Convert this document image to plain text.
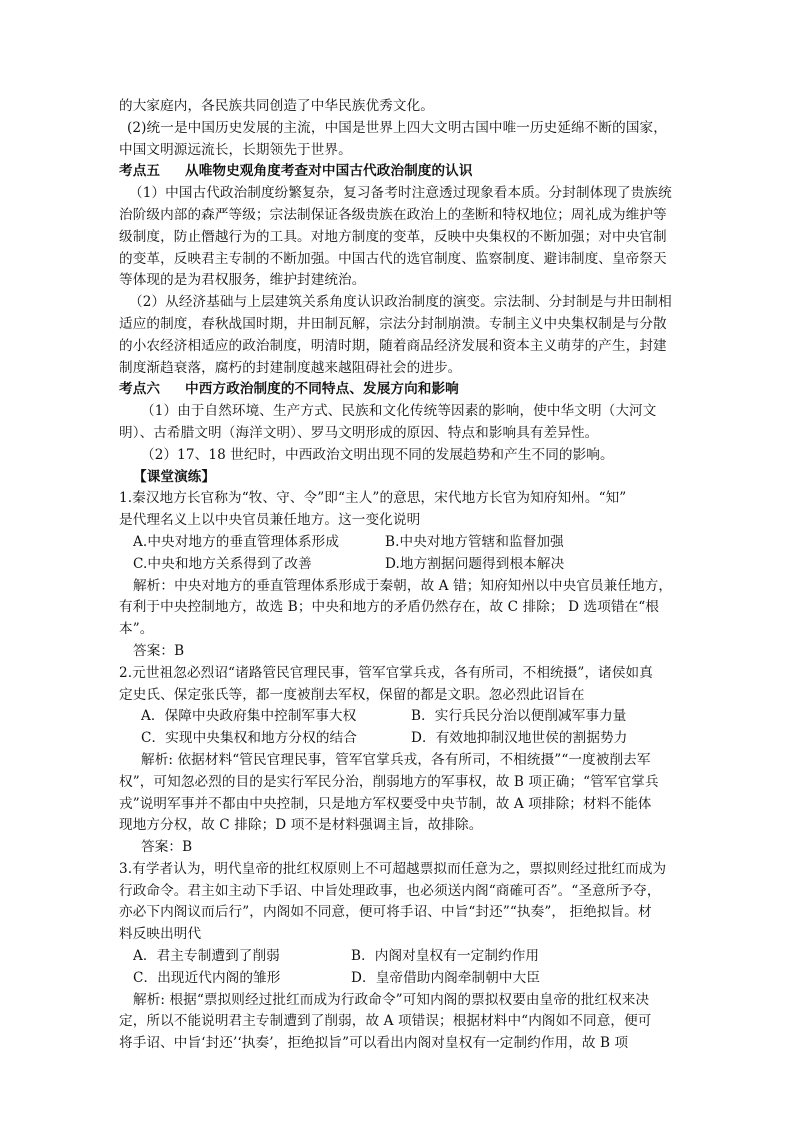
的大家庭内，各民族共同创造了中华民族优秀文化。
(2)统一是中国历史发展的主流，中国是世界上四大文明古国中唯一历史延绵不断的国家，
中国文明源远流长，长期领先于世界。
考点五 从唯物史观角度考查对中国古代政治制度的认识
（1）中国古代政治制度纷繁复杂，复习备考时注意透过现象看本质。分封制体现了贵族统
治阶级内部的森严等级；宗法制保证各级贵族在政治上的垄断和特权地位；周礼成为维护等
级制度，防止僭越行为的工具。对地方制度的变革，反映中央集权的不断加强；对中央官制
的变革，反映君主专制的不断加强。中国古代的选官制度、监察制度、避讳制度、皇帝祭天
等体现的是为君权服务，维护封建统治。
（2）从经济基础与上层建筑关系角度认识政治制度的演变。宗法制、分封制是与井田制相
适应的制度，春秋战国时期，井田制瓦解，宗法分封制崩溃。专制主义中央集权制是与分散
的小农经济相适应的政治制度，明清时期，随着商品经济发展和资本主义萌芽的产生，封建
制度渐趋衰落，腐朽的封建制度越来越阻碍社会的进步。
考点六 中西方政治制度的不同特点、发展方向和影响
（1）由于自然环境、生产方式、民族和文化传统等因素的影响，使中华文明（大河文
明）、古希腊文明（海洋文明）、罗马文明形成的原因、特点和影响具有差异性。
（2）17、18 世纪时，中西政治文明出现不同的发展趋势和产生不同的影响。
【课堂演练】
1.秦汉地方长官称为“牧、守、令”即“主人”的意思，宋代地方长官为知府知州。“知”
是代理名义上以中央官员兼任地方。这一变化说明
A.中央对地方的垂直管理体系形成	B.中央对地方管辖和监督加强
C.中央和地方关系得到了改善	D.地方割据问题得到根本解决
解析：中央对地方的垂直管理体系形成于秦朝，故 A 错；知府知州以中央官员兼任地方，
有利于中央控制地方，故选 B；中央和地方的矛盾仍然存在，故 C 排除； D 选项错在“根
本”。
答案：B
2.元世祖忽必烈诏“诸路管民官理民事，管军官掌兵戎，各有所司，不相统摄”，诸侯如真
定史氏、保定张氏等，都一度被削去军权，保留的都是文职。忽必烈此诏旨在
A．保障中央政府集中控制军事大权	B．实行兵民分治以便削减军事力量
C．实现中央集权和地方分权的结合	D．有效地抑制汉地世侯的割据势力
解析: 依据材料“管民官理民事，管军官掌兵戎，各有所司，不相统摄”“一度被削去军
权”，可知忽必烈的目的是实行军民分治，削弱地方的军事权，故 B 项正确；“管军官掌兵
戎”说明军事并不都由中央控制，只是地方军权要受中央节制，故 A 项排除；材料不能体
现地方分权，故 C 排除；D 项不是材料强调主旨，故排除。
答案：B
3.有学者认为，明代皇帝的批红权原则上不可超越票拟而任意为之，票拟则经过批红而成为
行政命令。君主如主动下手诏、中旨处理政事，也必须送内阁“商確可否”。“圣意所予夺，
亦必下内阁议而后行”，内阁如不同意，便可将手诏、中旨“封还”“执奏”， 拒绝拟旨。材
料反映出明代
A．君主专制遭到了削弱	B．内阁对皇权有一定制约作用
C．出现近代内阁的雏形	D．皇帝借助内阁牵制朝中大臣
解析: 根据“票拟则经过批红而成为行政命令”可知内阁的票拟权要由皇帝的批红权来决
定，所以不能说明君主专制遭到了削弱，故 A 项错误；根据材料中“内阁如不同意，便可
将手诏、中旨‘封还’‘执奏’，拒绝拟旨”可以看出内阁对皇权有一定制约作用，故 B 项
